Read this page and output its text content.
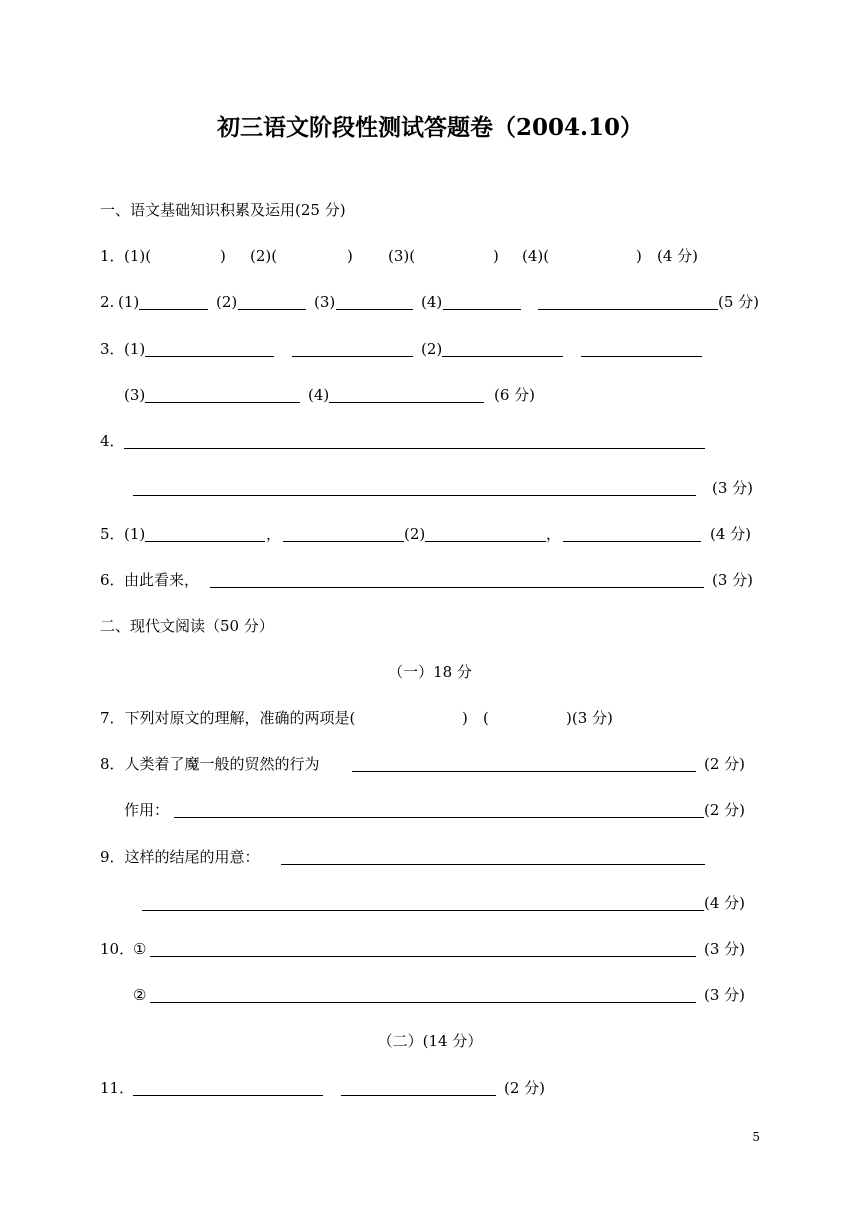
初三语文阶段性测试答题卷（2004.10）
一、语文基础知识积累及运用(25 分)
1． (1)(	) (2)(	) (3)(	) (4)(	) (4 分)
2. (1)	(2)	(3)	(4)	(5 分)
3． (1)	(2)
(3)	(4)	(6 分)
4．
(3 分)
5． (1)	，	(2)	，	(4 分)
6． 由此看来，	(3 分)
二、现代文阅读（50 分）
（一）18 分
7．下列对原文的理解，准确的两项是(	) (	)(3 分)
8．人类着了魔一般的贸然的行为	(2 分)
作用：	(2 分)
9．这样的结尾的用意：
(4 分)
10．
①	(3 分)
②	(3 分)
（二）(14 分）
11．	(2 分)
5
